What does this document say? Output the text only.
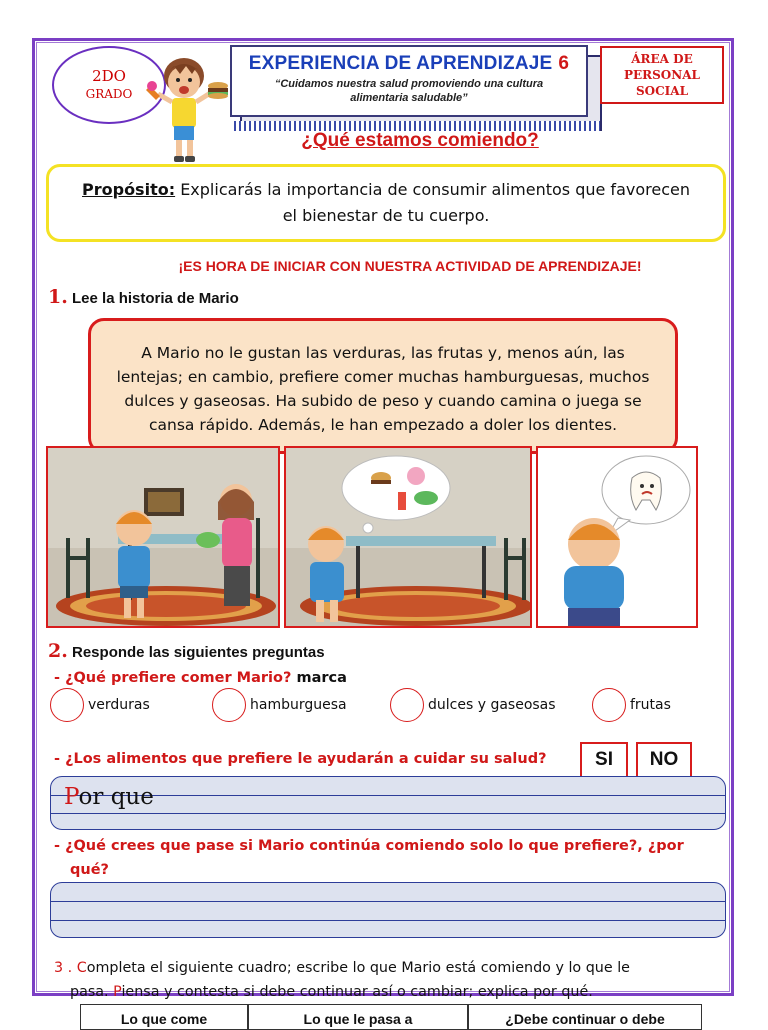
2DO
GRADO
EXPERIENCIA DE APRENDIZAJE 6
“Cuidamos nuestra salud promoviendo una cultura
alimentaria saludable”
ÁREA DE
PERSONAL
SOCIAL
¿Qué estamos comiendo?
Propósito: Explicarás la importancia de consumir alimentos que favorecen
el bienestar de tu cuerpo.
¡ES HORA DE INICIAR CON NUESTRA ACTIVIDAD DE APRENDIZAJE!
1. Lee la historia de Mario
A Mario no le gustan las verduras, las frutas y, menos aún, las
lentejas; en cambio, prefiere comer muchas hamburguesas, muchos
dulces y gaseosas. Ha subido de peso y cuando camina o juega se
cansa rápido. Además, le han empezado a doler los dientes.
2. Responde las siguientes preguntas
- ¿Qué prefiere comer Mario? marca
verduras	hamburguesa	dulces y gaseosas	frutas
- ¿Los alimentos que prefiere le ayudarán a cuidar su salud?	SI	NO
Por que
- ¿Qué crees que pase si Mario continúa comiendo solo lo que prefiere?, ¿por
qué?
3 . Completa el siguiente cuadro; escribe lo que Mario está comiendo y lo que le
pasa. Piensa y contesta si debe continuar así o cambiar; explica por qué.
Lo que come	Lo que le pasa a	¿Debe continuar o debe
